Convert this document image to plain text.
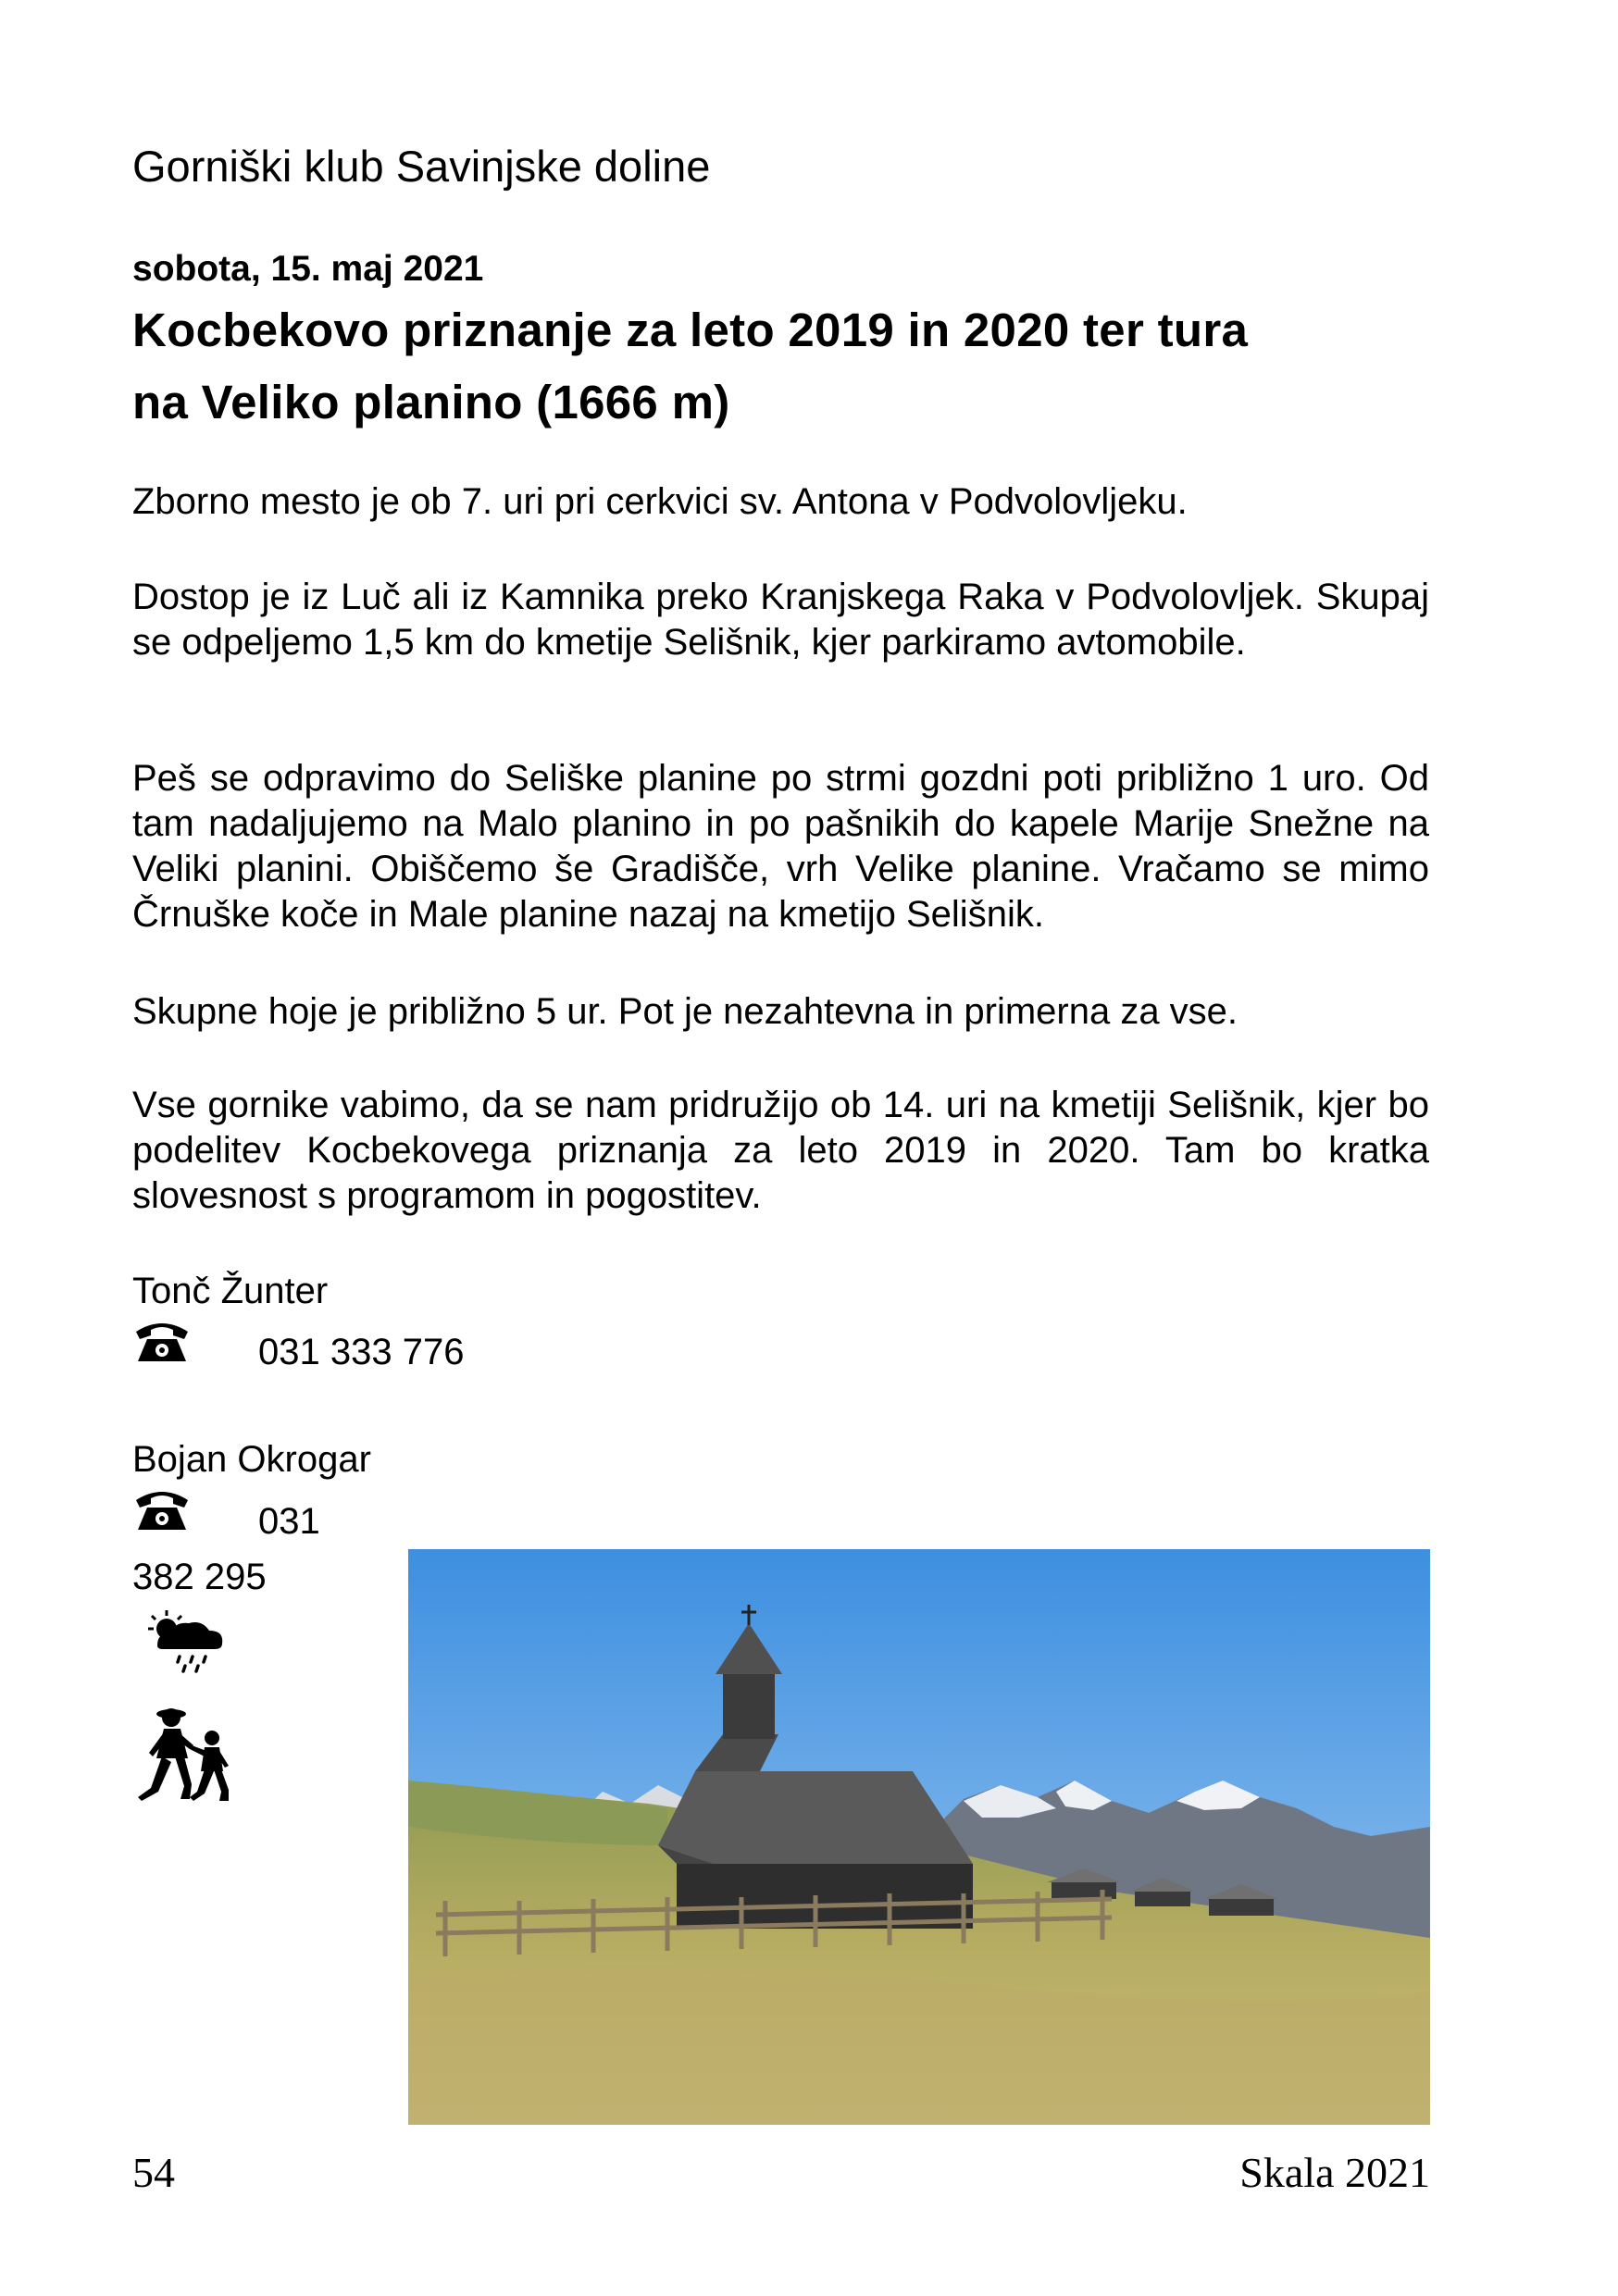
Gorniški klub Savinjske doline
sobota, 15. maj 2021
Kocbekovo priznanje za leto 2019 in 2020 ter tura
na Veliko planino (1666 m)
Zborno mesto je ob 7. uri pri cerkvici sv. Antona v Podvolovljeku.
Dostop je iz Luč ali iz Kamnika preko Kranjskega Raka v Podvolovljek. Skupaj se odpeljemo 1,5 km do kmetije Selišnik, kjer parkiramo avtomobile.
Peš se odpravimo do Seliške planine po strmi gozdni poti približno 1 uro. Od tam nadaljujemo na Malo planino in po pašnikih do kapele Marije Snežne na Veliki planini. Obiščemo še Gradišče, vrh Velike planine. Vračamo se mimo Črnuške koče in Male planine nazaj na kmetijo Selišnik.
Skupne hoje je približno 5 ur. Pot je nezahtevna in primerna za vse.
Vse gornike vabimo, da se nam pridružijo ob 14. uri na kmetiji Selišnik, kjer bo podelitev Kocbekovega priznanja za leto 2019 in 2020. Tam bo kratka slovesnost s programom in pogostitev.
Tonč Žunter
031 333 776
Bojan Okrogar
031
382 295
54	Skala 2021
